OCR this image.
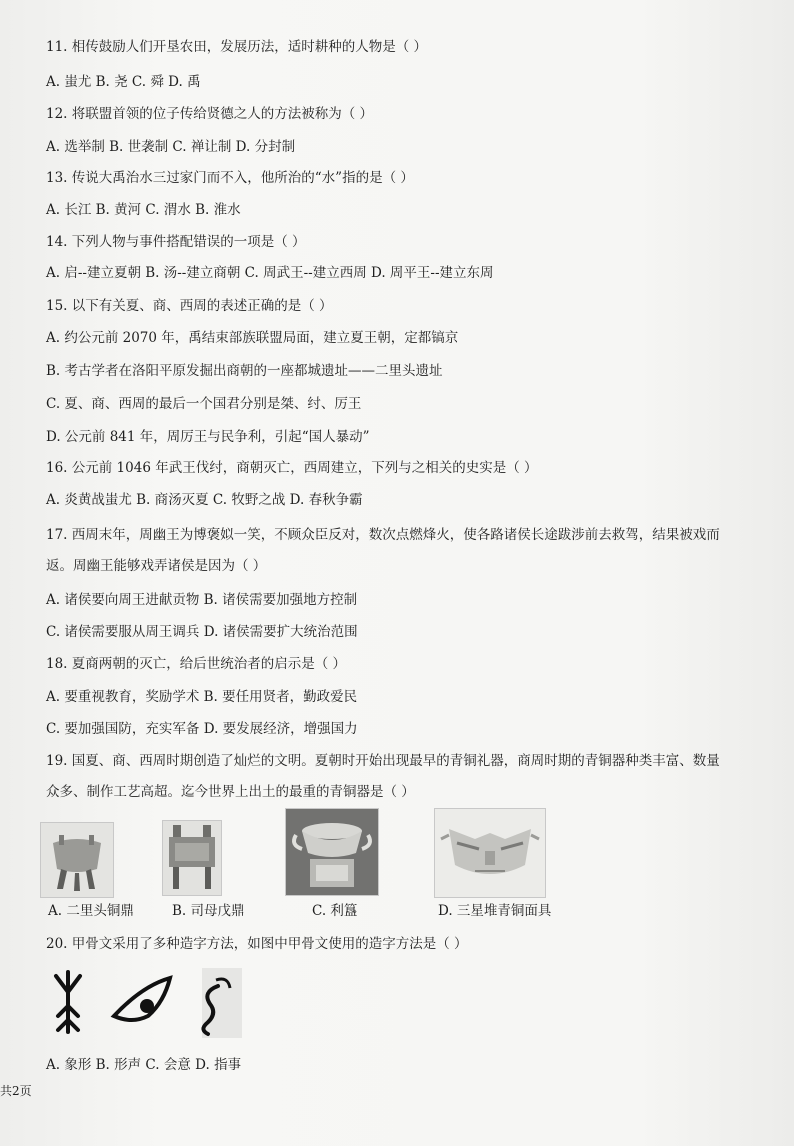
11. 相传鼓励人们开垦农田，发展历法，适时耕种的人物是（ ）
A. 蚩尤 B. 尧 C. 舜 D. 禹
12. 将联盟首领的位子传给贤德之人的方法被称为（ ）
A. 选举制 B. 世袭制 C. 禅让制 D. 分封制
13. 传说大禹治水三过家门而不入，他所治的“水”指的是（ ）
A. 长江 B. 黄河 C. 渭水 B. 淮水
14. 下列人物与事件搭配错误的一项是（ ）
A. 启--建立夏朝 B. 汤--建立商朝 C. 周武王--建立西周 D. 周平王--建立东周
15. 以下有关夏、商、西周的表述正确的是（ ）
A. 约公元前 2070 年，禹结束部族联盟局面，建立夏王朝，定都镐京
B. 考古学者在洛阳平原发掘出商朝的一座都城遗址——二里头遗址
C. 夏、商、西周的最后一个国君分别是桀、纣、厉王
D. 公元前 841 年，周厉王与民争利，引起“国人暴动”
16. 公元前 1046 年武王伐纣，商朝灭亡，西周建立，下列与之相关的史实是（ ）
A. 炎黄战蚩尤 B. 商汤灭夏 C. 牧野之战 D. 春秋争霸
17. 西周末年，周幽王为博褒姒一笑，不顾众臣反对，数次点燃烽火，使各路诸侯长途跋涉前去救驾，结果被戏而
返。周幽王能够戏弄诸侯是因为（ ）
A. 诸侯要向周王进献贡物 B. 诸侯需要加强地方控制
C. 诸侯需要服从周王调兵 D. 诸侯需要扩大统治范围
18. 夏商两朝的灭亡，给后世统治者的启示是（ ）
A. 要重视教育，奖励学术 B. 要任用贤者，勤政爱民
C. 要加强国防，充实军备 D. 要发展经济，增强国力
19. 国夏、商、西周时期创造了灿烂的文明。夏朝时开始出现最早的青铜礼器，商周时期的青铜器种类丰富、数量
众多、制作工艺高超。迄今世界上出土的最重的青铜器是（ ）
A. 二里头铜鼎	B. 司母戊鼎	C. 利簋	D. 三星堆青铜面具
20. 甲骨文采用了多种造字方法，如图中甲骨文使用的造字方法是（ ）
A. 象形 B. 形声 C. 会意 D. 指事
共2页
